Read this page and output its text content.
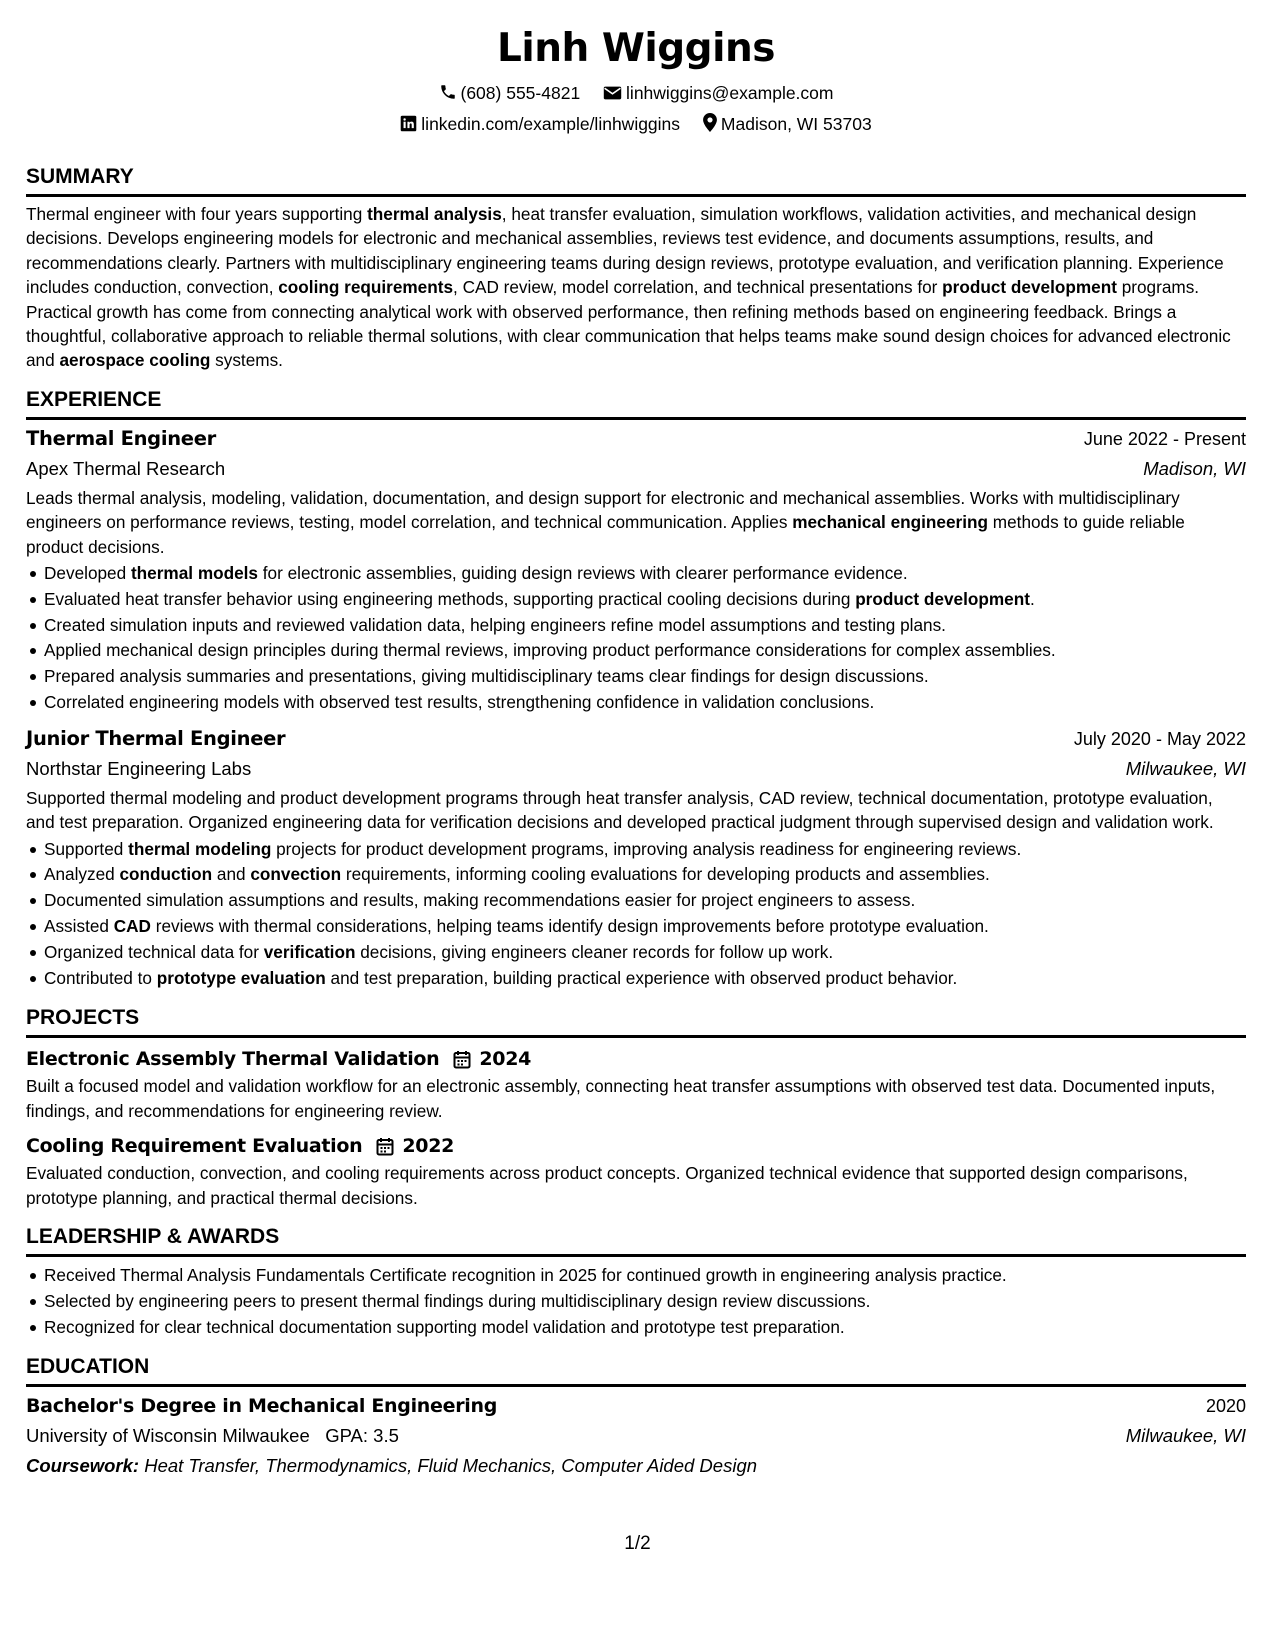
Linh Wiggins
(608) 555-4821	linhwiggins@example.com
linkedin.com/example/linhwiggins Madison, WI 53703
SUMMARY

Thermal engineer with four years supporting thermal analysis, heat transfer evaluation, simulation workflows, validation activities, and mechanical design decisions. Develops engineering models for electronic and mechanical assemblies, reviews test evidence, and documents assumptions, results, and recommendations clearly. Partners with multidisciplinary engineering teams during design reviews, prototype evaluation, and verification planning. Experience includes conduction, convection, cooling requirements, CAD review, model correlation, and technical presentations for product development programs. Practical growth has come from connecting analytical work with observed performance, then refining methods based on engineering feedback. Brings a thoughtful, collaborative approach to reliable thermal solutions, with clear communication that helps teams make sound design choices for advanced electronic and aerospace cooling systems.

EXPERIENCE
Thermal Engineer	June 2022 - Present
Apex Thermal Research	Madison, WI

Leads thermal analysis, modeling, validation, documentation, and design support for electronic and mechanical assemblies. Works with multidisciplinary engineers on performance reviews, testing, model correlation, and technical communication. Applies mechanical engineering methods to guide reliable product decisions.

Developed thermal models for electronic assemblies, guiding design reviews with clearer performance evidence.
Evaluated heat transfer behavior using engineering methods, supporting practical cooling decisions during product development.
Created simulation inputs and reviewed validation data, helping engineers refine model assumptions and testing plans.
Applied mechanical design principles during thermal reviews, improving product performance considerations for complex assemblies.
Prepared analysis summaries and presentations, giving multidisciplinary teams clear findings for design discussions.
Correlated engineering models with observed test results, strengthening confidence in validation conclusions.
Junior Thermal Engineer	July 2020 - May 2022
Northstar Engineering Labs	Milwaukee, WI

Supported thermal modeling and product development programs through heat transfer analysis, CAD review, technical documentation, prototype evaluation, and test preparation. Organized engineering data for verification decisions and developed practical judgment through supervised design and validation work.

Supported thermal modeling projects for product development programs, improving analysis readiness for engineering reviews.
Analyzed conduction and convection requirements, informing cooling evaluations for developing products and assemblies.
Documented simulation assumptions and results, making recommendations easier for project engineers to assess.
Assisted CAD reviews with thermal considerations, helping teams identify design improvements before prototype evaluation.
Organized technical data for verification decisions, giving engineers cleaner records for follow up work.
Contributed to prototype evaluation and test preparation, building practical experience with observed product behavior.
PROJECTS
Electronic Assembly Thermal Validation 2024

Built a focused model and validation workflow for an electronic assembly, connecting heat transfer assumptions with observed test data. Documented inputs, findings, and recommendations for engineering review.

Cooling Requirement Evaluation 2022

Evaluated conduction, convection, and cooling requirements across product concepts. Organized technical evidence that supported design comparisons, prototype planning, and practical thermal decisions.

LEADERSHIP & AWARDS
Received Thermal Analysis Fundamentals Certificate recognition in 2025 for continued growth in engineering analysis practice.
Selected by engineering peers to present thermal findings during multidisciplinary design review discussions.
Recognized for clear technical documentation supporting model validation and prototype test preparation.
EDUCATION
Bachelor's Degree in Mechanical Engineering	2020
University of Wisconsin Milwaukee GPA: 3.5	Milwaukee, WI
Coursework: Heat Transfer, Thermodynamics, Fluid Mechanics, Computer Aided Design
1/2
